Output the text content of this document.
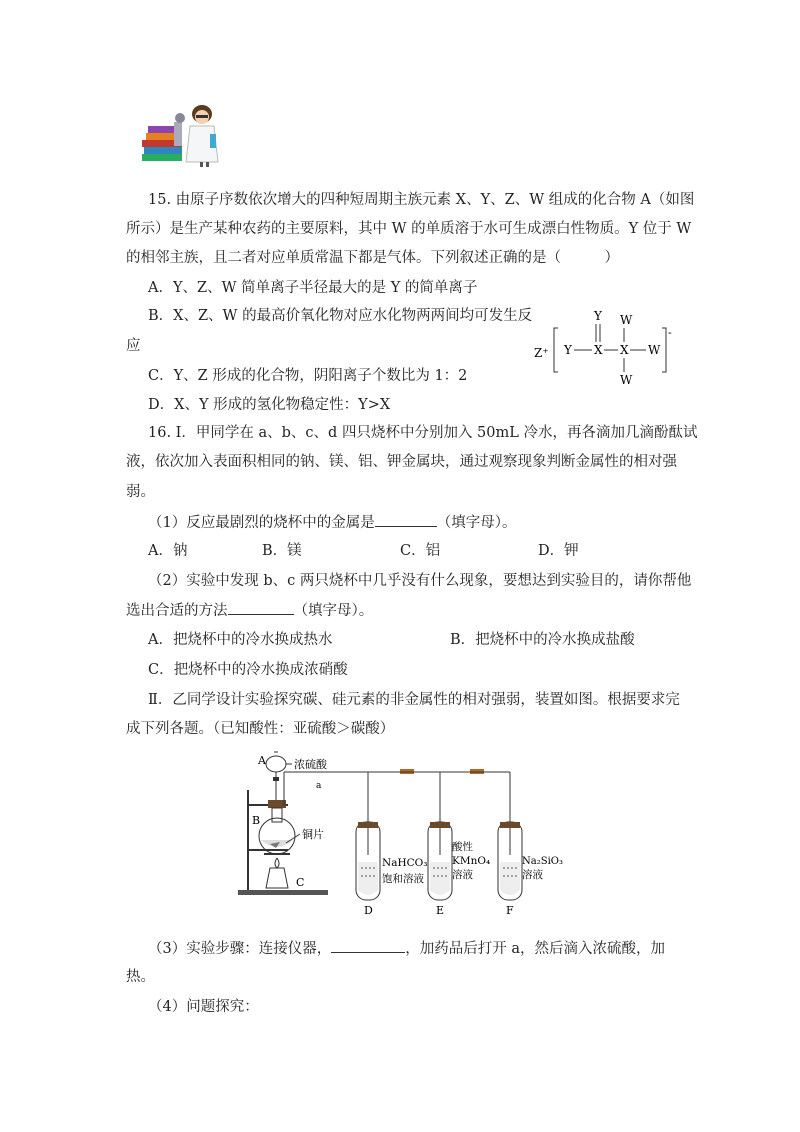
15. 由原子序数依次增大的四种短周期主族元素 X、Y、Z、W 组成的化合物 A（如图
所示）是生产某种农药的主要原料，其中 W 的单质溶于水可生成漂白性物质。Y 位于 W
的相邻主族，且二者对应单质常温下都是气体。下列叙述正确的是（　　　）
A．Y、Z、W 简单离子半径最大的是 Y 的简单离子
B．X、Z、W 的最高价氧化物对应水化物两两间均可发生反
应
C．Y、Z 形成的化合物，阴阳离子个数比为 1：2
D．X、Y 形成的氢化物稳定性：Y>X
Z⁺
-
Y
Y X X
W
W
W
16. I．甲同学在 a、b、c、d 四只烧杯中分别加入 50mL 冷水，再各滴加几滴酚酞试
液，依次加入表面积相同的钠、镁、铝、钾金属块，通过观察现象判断金属性的相对强
弱。
（1）反应最剧烈的烧杯中的金属是	（填字母）。
A．钠	B．镁	C．铝	D．钾
（2）实验中发现 b、c 两只烧杯中几乎没有什么现象，要想达到实验目的，请你帮他
选出合适的方法	（填字母）。
A．把烧杯中的冷水换成热水	B．把烧杯中的冷水换成盐酸
C．把烧杯中的冷水换成浓硝酸
Ⅱ．乙同学设计实验探究碳、硅元素的非金属性的相对强弱，装置如图。根据要求完
成下列各题。（已知酸性：亚硫酸＞碳酸）
A	浓硫酸
a
B
铜片
C
NaHCO₃
饱和溶液
D
酸性
KMnO₄
溶液
E
Na₂SiO₃
溶液
F
（3）实验步骤：连接仪器，	，加药品后打开 a，然后滴入浓硫酸，加
热。
（4）问题探究：
